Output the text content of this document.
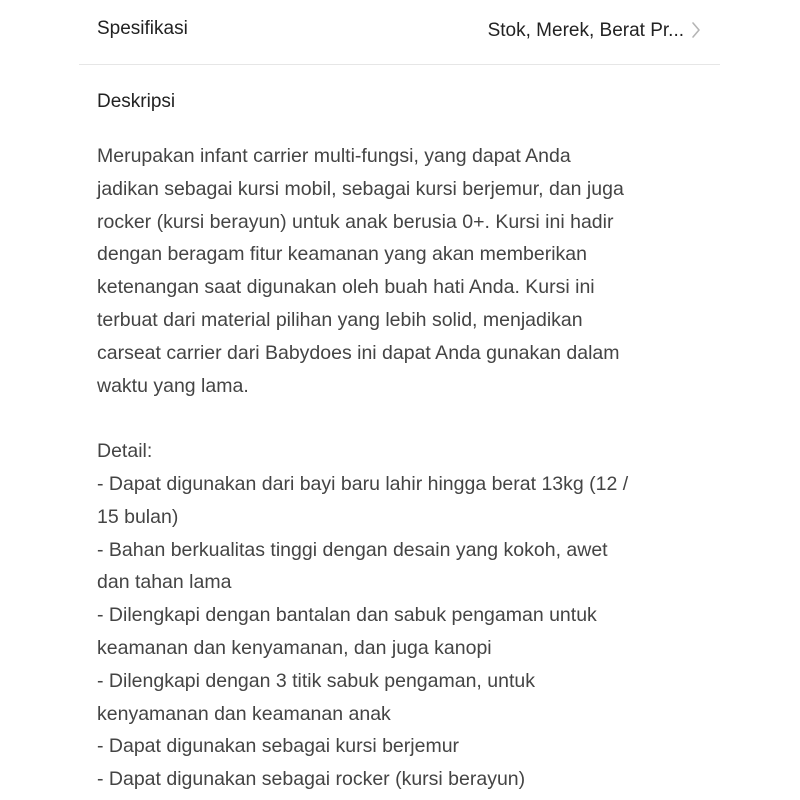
Spesifikasi	Stok, Merek, Berat Pr...
Deskripsi
Merupakan infant carrier multi-fungsi, yang dapat Anda
jadikan sebagai kursi mobil, sebagai kursi berjemur, dan juga
rocker (kursi berayun) untuk anak berusia 0+. Kursi ini hadir
dengan beragam fitur keamanan yang akan memberikan
ketenangan saat digunakan oleh buah hati Anda. Kursi ini
terbuat dari material pilihan yang lebih solid, menjadikan
carseat carrier dari Babydoes ini dapat Anda gunakan dalam
waktu yang lama.
Detail:
- Dapat digunakan dari bayi baru lahir hingga berat 13kg (12 /
15 bulan)
- Bahan berkualitas tinggi dengan desain yang kokoh, awet
dan tahan lama
- Dilengkapi dengan bantalan dan sabuk pengaman untuk
keamanan dan kenyamanan, dan juga kanopi
- Dilengkapi dengan 3 titik sabuk pengaman, untuk
kenyamanan dan keamanan anak
- Dapat digunakan sebagai kursi berjemur
- Dapat digunakan sebagai rocker (kursi berayun)
